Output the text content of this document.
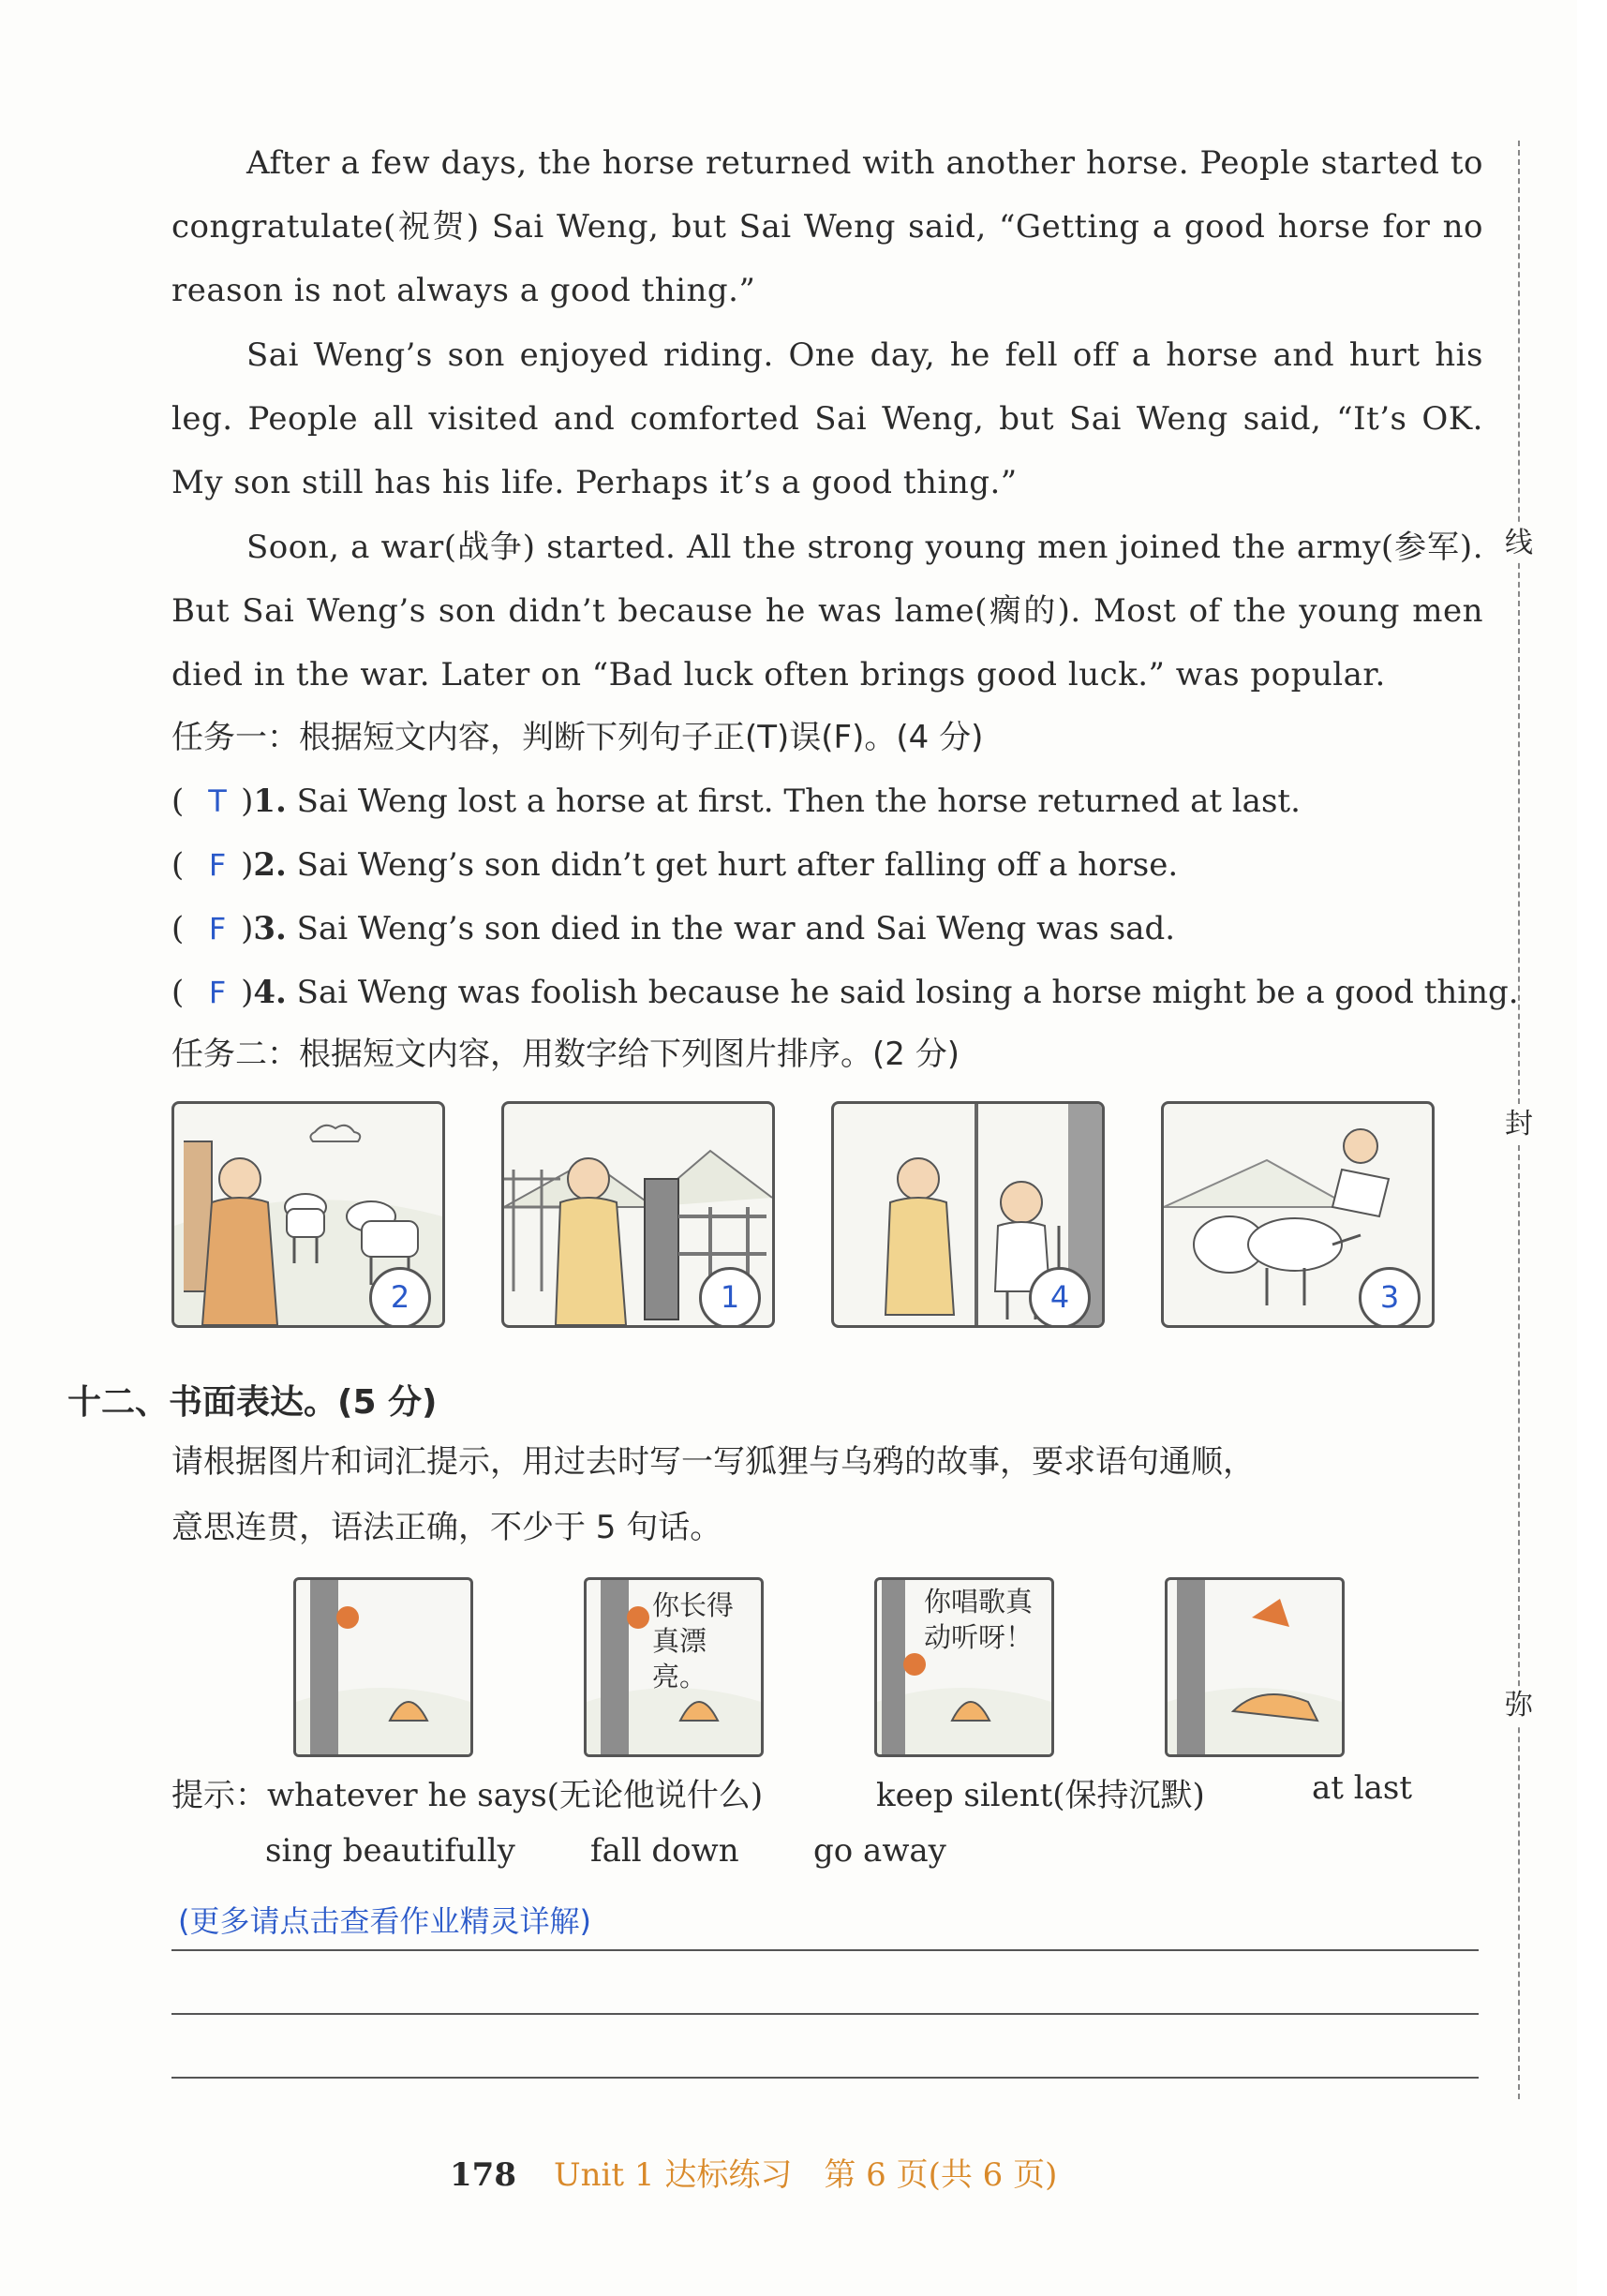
After a few days, the horse returned with another horse. People started to congratulate(祝贺) Sai Weng, but Sai Weng said, “Getting a good horse for no reason is not always a good thing.”
Sai Weng’s son enjoyed riding. One day, he fell off a horse and hurt his leg. People all visited and comforted Sai Weng, but Sai Weng said, “It’s OK. My son still has his life. Perhaps it’s a good thing.”
Soon, a war(战争) started. All the strong young men joined the army(参军). But Sai Weng’s son didn’t because he was lame(瘸的). Most of the young men died in the war. Later on “Bad luck often brings good luck.” was popular.
任务一：根据短文内容，判断下列句子正(T)误(F)。(4 分)
( T )1. Sai Weng lost a horse at first. Then the horse returned at last.
( F )2. Sai Weng’s son didn’t get hurt after falling off a horse.
( F )3. Sai Weng’s son died in the war and Sai Weng was sad.
( F )4. Sai Weng was foolish because he said losing a horse might be a good thing.
任务二：根据短文内容，用数字给下列图片排序。(2 分)
2	1	4	3
十二、书面表达。(5 分)
请根据图片和词汇提示，用过去时写一写狐狸与乌鸦的故事，要求语句通顺，
意思连贯，语法正确，不少于 5 句话。
你长得真漂亮。
你唱歌真动听呀！
提示：whatever he says(无论他说什么)	keep silent(保持沉默)	at last
sing beautifully fall down go away
(更多请点击查看作业精灵详解)
178 Unit 1 达标练习　第 6 页(共 6 页)
线
封
弥
